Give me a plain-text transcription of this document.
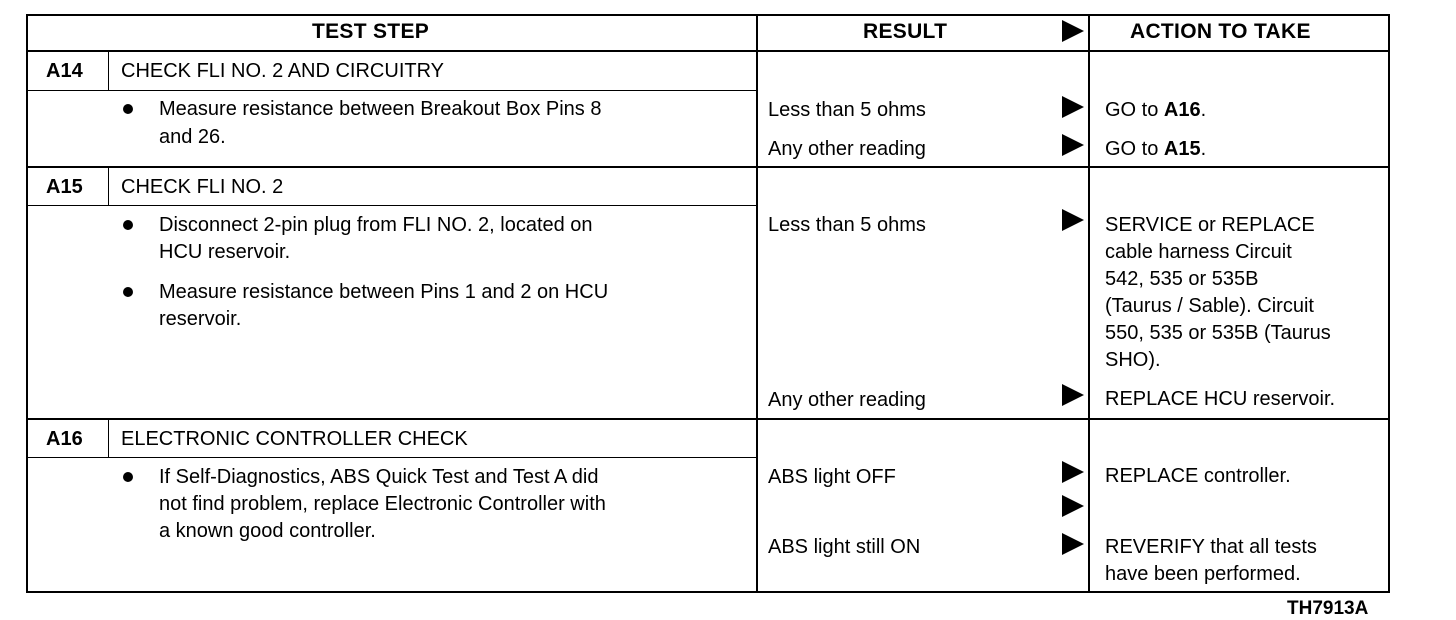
TEST STEP	RESULT	ACTION TO TAKE
A14 CHECK FLI NO. 2 AND CIRCUITRY
Measure resistance between Breakout Box Pins 8
and 26.
Less than 5 ohms	GO to A16.
Any other reading	GO to A15.
A15 CHECK FLI NO. 2
Disconnect 2-pin plug from FLI NO. 2, located on
HCU reservoir.
Measure resistance between Pins 1 and 2 on HCU
reservoir.
Less than 5 ohms	SERVICE or REPLACE
cable harness Circuit
542, 535 or 535B
(Taurus / Sable). Circuit
550, 535 or 535B (Taurus
SHO).
Any other reading	REPLACE HCU reservoir.
A16 ELECTRONIC CONTROLLER CHECK
If Self-Diagnostics, ABS Quick Test and Test A did
not find problem, replace Electronic Controller with
a known good controller.
ABS light OFF	REPLACE controller.
ABS light still ON	REVERIFY that all tests
have been performed.
TH7913A
